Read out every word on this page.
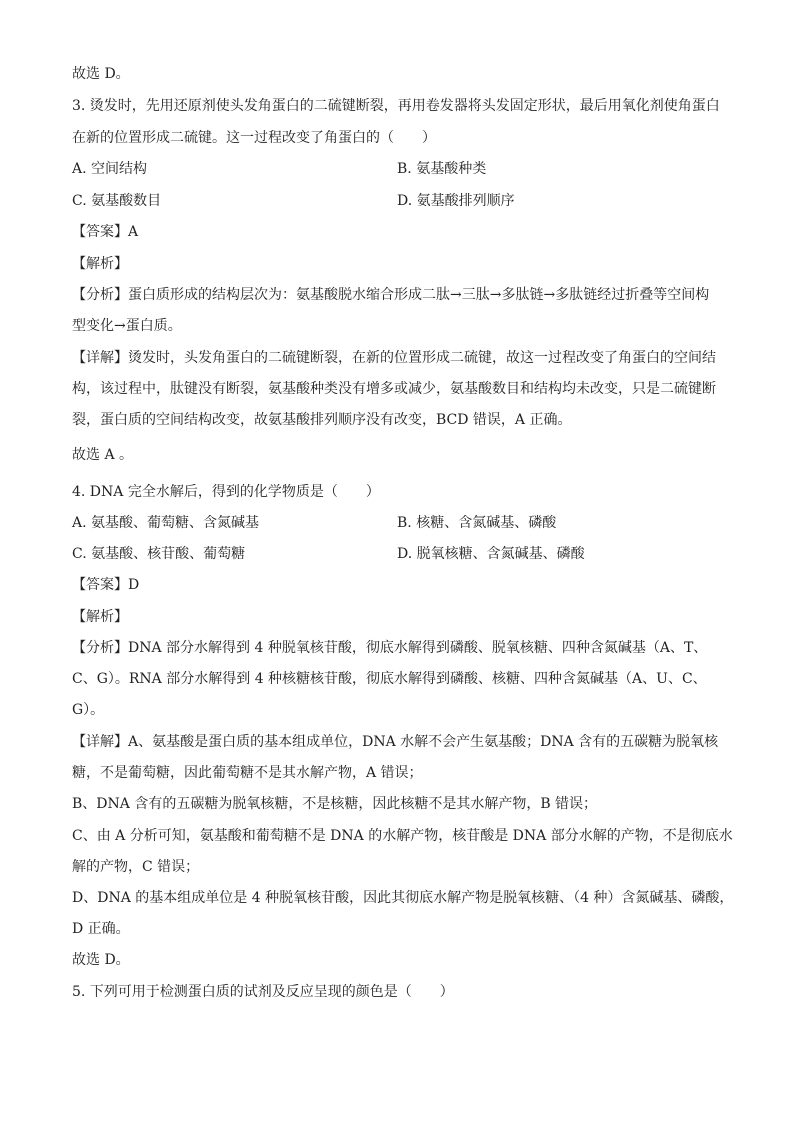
故选 D。
3. 烫发时，先用还原剂使头发角蛋白的二硫键断裂，再用卷发器将头发固定形状，最后用氧化剂使角蛋白
在新的位置形成二硫键。这一过程改变了角蛋白的（　　）
A. 空间结构	B. 氨基酸种类
C. 氨基酸数目	D. 氨基酸排列顺序
【答案】A
【解析】
【分析】蛋白质形成的结构层次为：氨基酸脱水缩合形成二肽→三肽→多肽链→多肽链经过折叠等空间构
型变化→蛋白质。
【详解】烫发时，头发角蛋白的二硫键断裂，在新的位置形成二硫键，故这一过程改变了角蛋白的空间结
构，该过程中，肽键没有断裂，氨基酸种类没有增多或减少，氨基酸数目和结构均未改变，只是二硫键断
裂，蛋白质的空间结构改变，故氨基酸排列顺序没有改变，BCD 错误，A 正确。
故选 A 。
4. DNA 完全水解后，得到的化学物质是（　　）
A. 氨基酸、葡萄糖、含氮碱基	B. 核糖、含氮碱基、磷酸
C. 氨基酸、核苷酸、葡萄糖	D. 脱氧核糖、含氮碱基、磷酸
【答案】D
【解析】
【分析】DNA 部分水解得到 4 种脱氧核苷酸，彻底水解得到磷酸、脱氧核糖、四种含氮碱基（A、T、
C、G）。RNA 部分水解得到 4 种核糖核苷酸，彻底水解得到磷酸、核糖、四种含氮碱基（A、U、C、
G）。
【详解】A、氨基酸是蛋白质的基本组成单位，DNA 水解不会产生氨基酸；DNA 含有的五碳糖为脱氧核
糖，不是葡萄糖，因此葡萄糖不是其水解产物，A 错误；
B、DNA 含有的五碳糖为脱氧核糖，不是核糖，因此核糖不是其水解产物，B 错误；
C、由 A 分析可知，氨基酸和葡萄糖不是 DNA 的水解产物，核苷酸是 DNA 部分水解的产物，不是彻底水
解的产物，C 错误；
D、DNA 的基本组成单位是 4 种脱氧核苷酸，因此其彻底水解产物是脱氧核糖、（4 种）含氮碱基、磷酸，
D 正确。
故选 D。
5. 下列可用于检测蛋白质的试剂及反应呈现的颜色是（　　）
